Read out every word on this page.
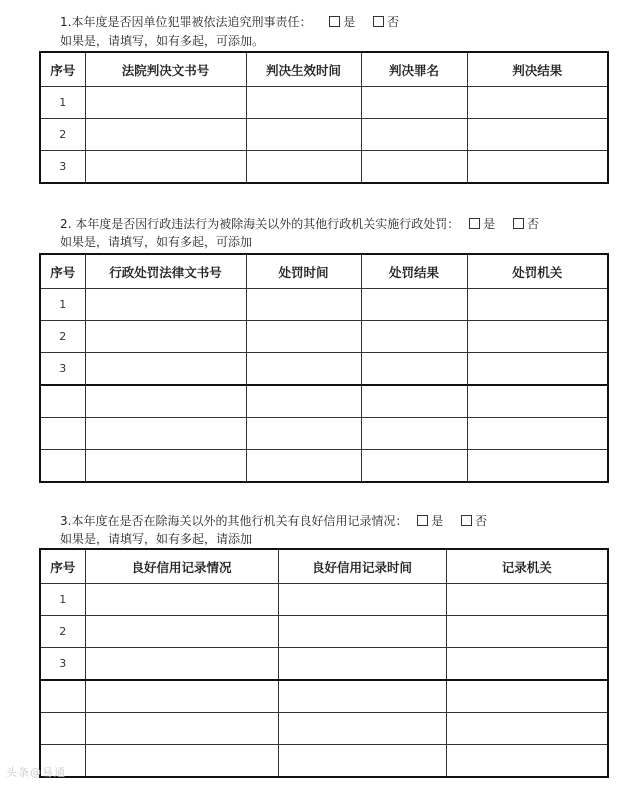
1.本年度是否因单位犯罪被依法追究刑事责任：	是	否
如果是，请填写，如有多起，可添加。
序号	法院判决文书号	判决生效时间	判决罪名	判决结果
1				
2				
3				
2. 本年度是否因行政违法行为被除海关以外的其他行政机关实施行政处罚： 是	否
如果是，请填写，如有多起，可添加
序号	行政处罚法律文书号	处罚时间	处罚结果	处罚机关
1				
2				
3				

3.本年度在是否在除海关以外的其他行机关有良好信用记录情况： 是	否
如果是，请填写，如有多起，请添加
序号	良好信用记录情况	良好信用记录时间	记录机关
1			
2			
3			

头条@易通
